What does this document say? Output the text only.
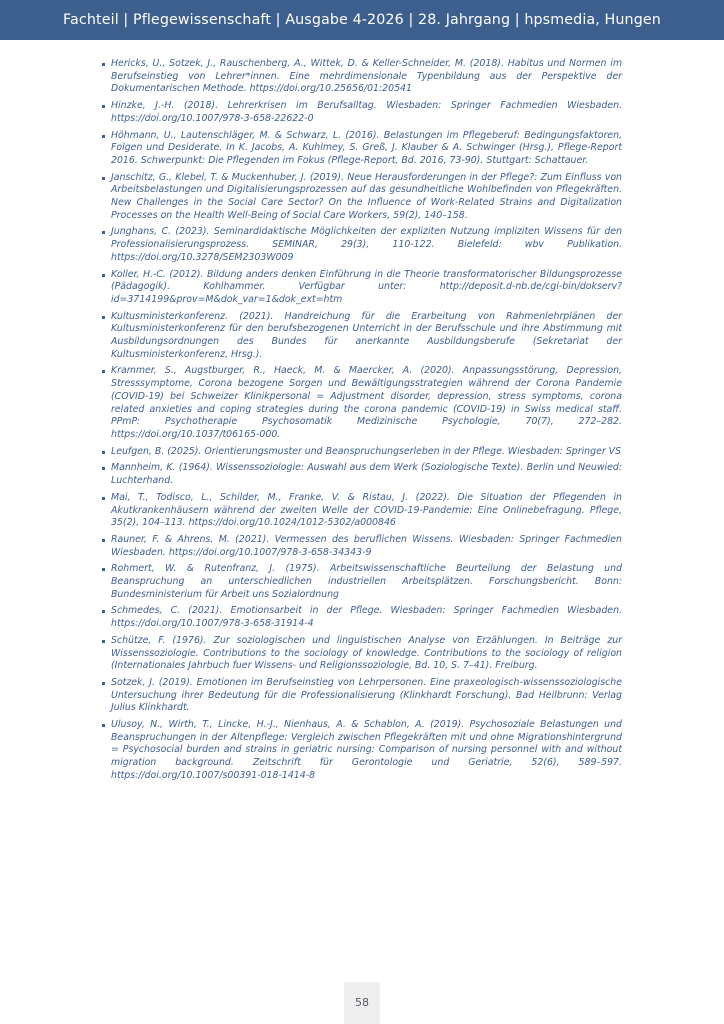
Fachteil | Pflegewissenschaft | Ausgabe 4-2026 | 28. Jahrgang | hpsmedia, Hungen
Hericks, U., Sotzek, J., Rauschenberg, A., Wittek, D. & Keller-Schneider, M. (2018). Habitus und Normen im Berufseinstieg von Lehrer*innen. Eine mehrdimensionale Typenbildung aus der Perspektive der Dokumentarischen Methode. https://doi.org/10.25656/01:20541
Hinzke, J.-H. (2018). Lehrerkrisen im Berufsalltag. Wiesbaden: Springer Fachmedien Wiesbaden. https://doi.org/10.1007/978-3-658-22622-0
Höhmann, U., Lautenschläger, M. & Schwarz, L. (2016). Belastungen im Pflegeberuf: Bedingungsfaktoren, Folgen und Desiderate. In K. Jacobs, A. Kuhlmey, S. Greß, J. Klauber & A. Schwinger (Hrsg.), Pflege-Report 2016. Schwerpunkt: Die Pflegenden im Fokus (Pflege-Report, Bd. 2016, 73-90). Stuttgart: Schattauer.
Janschitz, G., Klebel, T. & Muckenhuber, J. (2019). Neue Herausforderungen in der Pflege?: Zum Einfluss von Arbeitsbelastungen und Digitalisierungsprozessen auf das gesundheitliche Wohlbefinden von Pflegekräften. New Challenges in the Social Care Sector? On the Influence of Work-Related Strains and Digitalization Processes on the Health Well-Being of Social Care Workers, 59(2), 140–158.
Junghans, C. (2023). Seminardidaktische Möglichkeiten der expliziten Nutzung impliziten Wissens für den Professionalisierungsprozess. SEMINAR, 29(3), 110-122. Bielefeld: wbv Publikation. https://doi.org/10.3278/SEM2303W009
Koller, H.-C. (2012). Bildung anders denken Einführung in die Theorie transformatorischer Bildungsprozesse (Pädagogik). Kohlhammer. Verfügbar unter: http://deposit.d-nb.de/cgi-bin/dokserv?id=3714199&prov=M&dok_var=1&dok_ext=htm
Kultusministerkonferenz. (2021). Handreichung für die Erarbeitung von Rahmenlehrplänen der Kultusministerkonferenz für den berufsbezogenen Unterricht in der Berufsschule und ihre Abstimmung mit Ausbildungsordnungen des Bundes für anerkannte Ausbildungsberufe (Sekretariat der Kultusministerkonferenz, Hrsg.).
Krammer, S., Augstburger, R., Haeck, M. & Maercker, A. (2020). Anpassungsstörung, Depression, Stresssymptome, Corona bezogene Sorgen und Bewältigungsstrategien während der Corona Pandemie (COVID-19) bei Schweizer Klinikpersonal = Adjustment disorder, depression, stress symptoms, corona related anxieties and coping strategies during the corona pandemic (COVID-19) in Swiss medical staff. PPmP: Psychotherapie Psychosomatik Medizinische Psychologie, 70(7), 272–282. https://doi.org/10.1037/t06165-000.
Leufgen, B. (2025). Orientierungsmuster und Beanspruchungserleben in der Pflege. Wiesbaden: Springer VS
Mannheim, K. (1964). Wissenssoziologie: Auswahl aus dem Werk (Soziologische Texte). Berlin und Neuwied: Luchterhand.
Mai, T., Todisco, L., Schilder, M., Franke, V. & Ristau, J. (2022). Die Situation der Pflegenden in Akutkrankenhäusern während der zweiten Welle der COVID-19-Pandemie: Eine Onlinebefragung. Pflege, 35(2), 104–113. https://doi.org/10.1024/1012-5302/a000846
Rauner, F. & Ahrens, M. (2021). Vermessen des beruflichen Wissens. Wiesbaden: Springer Fachmedien Wiesbaden. https://doi.org/10.1007/978-3-658-34343-9
Rohmert, W. & Rutenfranz, J. (1975). Arbeitswissenschaftliche Beurteilung der Belastung und Beanspruchung an unterschiedlichen industriellen Arbeitsplätzen. Forschungsbericht. Bonn: Bundesministerium für Arbeit uns Sozialordnung
Schmedes, C. (2021). Emotionsarbeit in der Pflege. Wiesbaden: Springer Fachmedien Wiesbaden. https://doi.org/10.1007/978-3-658-31914-4
Schütze, F. (1976). Zur soziologischen und linguistischen Analyse von Erzählungen. In Beiträge zur Wissenssoziologie. Contributions to the sociology of knowledge. Contributions to the sociology of religion (Internationales Jahrbuch fuer Wissens- und Religionssoziologie, Bd. 10, S. 7–41). Freiburg.
Sotzek, J. (2019). Emotionen im Berufseinstieg von Lehrpersonen. Eine praxeologisch-wissenssoziologische Untersuchung ihrer Bedeutung für die Professionalisierung (Klinkhardt Forschung). Bad Heilbrunn: Verlag Julius Klinkhardt.
Ulusoy, N., Wirth, T., Lincke, H.-J., Nienhaus, A. & Schablon, A. (2019). Psychosoziale Belastungen und Beanspruchungen in der Altenpflege: Vergleich zwischen Pflegekräften mit und ohne Migrationshintergrund = Psychosocial burden and strains in geriatric nursing: Comparison of nursing personnel with and without migration background. Zeitschrift für Gerontologie und Geriatrie, 52(6), 589–597. https://doi.org/10.1007/s00391-018-1414-8
58
